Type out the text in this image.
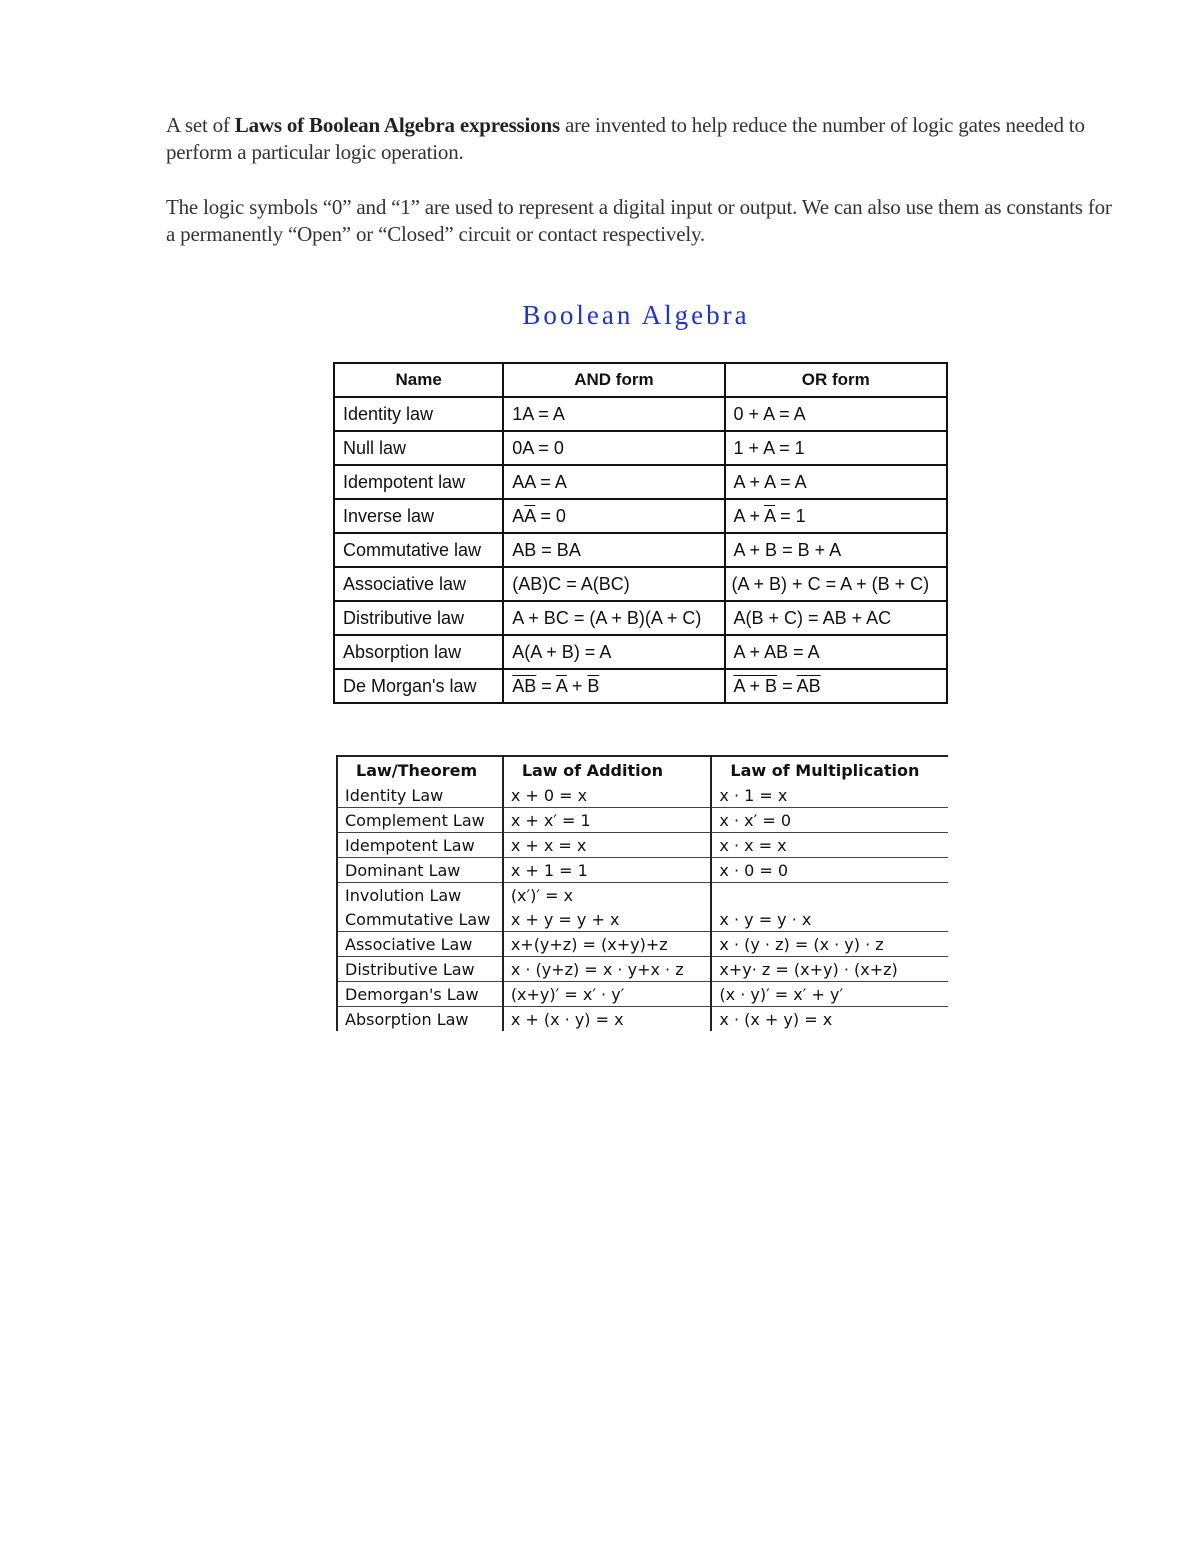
A set of Laws of Boolean Algebra expressions are invented to help reduce the number of logic gates needed to perform a particular logic operation.

The logic symbols “0” and “1” are used to represent a digital input or output. We can also use them as constants for a permanently “Open” or “Closed” circuit or contact respectively.

Boolean Algebra
Name	AND form	OR form
Identity law	1A = A	0 + A = A
Null law	0A = 0	1 + A = 1
Idempotent law	AA = A	A + A = A
Inverse law	$A\overline{A} = 0$	$A + \overline{A} = 1$
Commutative law	AB = BA	A + B = B + A
Associative law	(AB)C = A(BC)	(A + B) + C = A + (B + C)
Distributive law	A + BC = (A + B)(A + C)	A(B + C) = AB + AC
Absorption law	A(A + B) = A	A + AB = A
De Morgan's law	$\overline{AB} = \overline{A} + \overline{B}$	$A + B = \overline{A}\overline{B}$
Law/Theorem	Law of Addition	Law of Multiplication
Identity Law	x + 0 = x	x · 1 = x
Complement Law	x + x′ = 1	x · x′ = 0
Idempotent Law	x + x = x	x · x = x
Dominant Law	x + 1 = 1	x · 0 = 0
Involution Law	(x′)′ = x	
Commutative Law	x + y = y + x	x · y = y · x
Associative Law	x+(y+z) = (x+y)+z	x · (y · z) = (x · y) · z
Distributive Law	x · (y+z) = x · y+x · z	x+y· z = (x+y) · (x+z)
Demorgan's Law	(x+y)′ = x′ · y′	(x · y)′ = x′ + y′
Absorption Law	x + (x · y) = x	x · (x + y) = x
